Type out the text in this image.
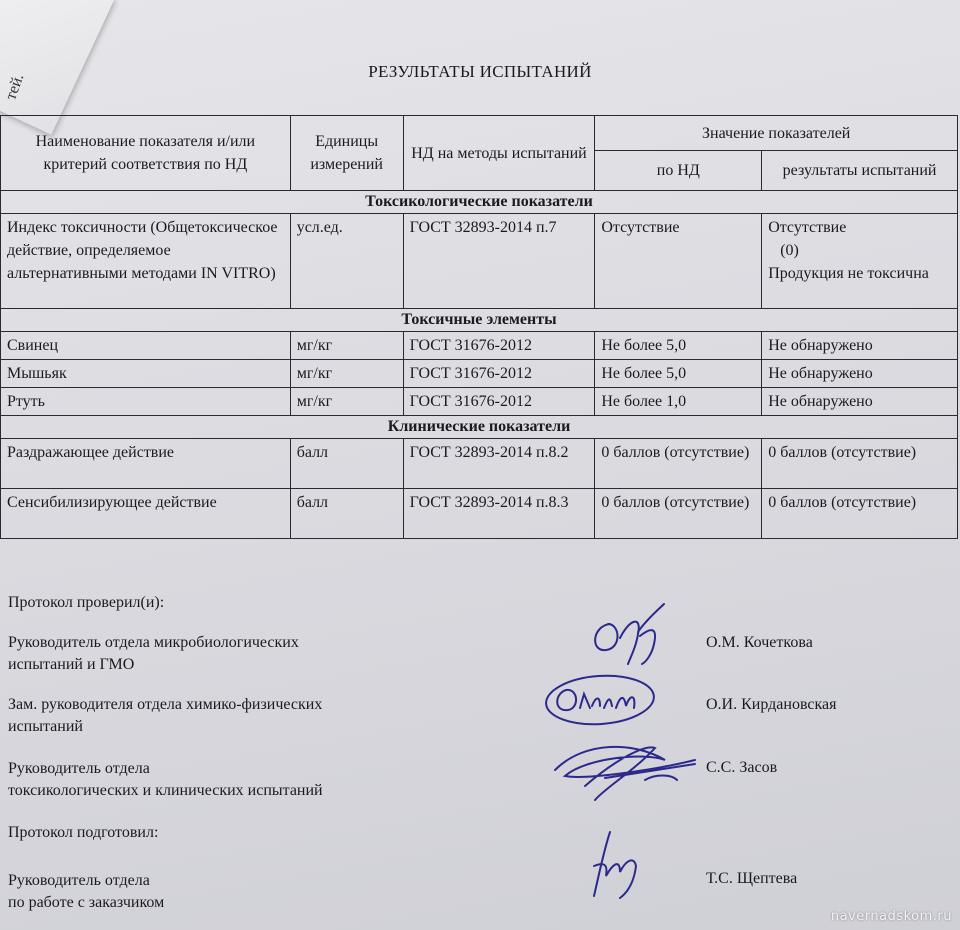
тей.	РЕЗУЛЬТАТЫ ИСПЫТАНИЙ
Наименование показателя и/или критерий соответствия по НД	Единицы измерений	НД на методы испытаний	Значение показателей	
			по НД	результаты испытаний
Токсикологические показатели				
Индекс токсичности (Общетоксическое действие, определяемое альтернативными методами IN VITRO)	усл.ед.	ГОСТ 32893-2014 п.7	Отсутствие	Отсутствие
(0)
Продукция не токсична

Токсичные элементы				
Свинец	мг/кг	ГОСТ 31676-2012	Не более 5,0	Не обнаружено
Мышьяк	мг/кг	ГОСТ 31676-2012	Не более 5,0	Не обнаружено
Ртуть	мг/кг	ГОСТ 31676-2012	Не более 1,0	Не обнаружено
Клинические показатели				
Раздражающее действие	балл	ГОСТ 32893-2014 п.8.2	0 баллов (отсутствие)	0 баллов (отсутствие)
Сенсибилизирующее действие	балл	ГОСТ 32893-2014 п.8.3	0 баллов (отсутствие)	0 баллов (отсутствие)
Протокол проверил(и):
Руководитель отдела микробиологических
испытаний и ГМО
О.М. Кочеткова
Зам. руководителя отдела химико-физических
испытаний
О.И. Кирдановская
Руководитель отдела
токсикологических и клинических испытаний
С.С. Засов
Протокол подготовил:
Руководитель отдела
по работе с заказчиком
Т.С. Щептева
navernadskom.ru
